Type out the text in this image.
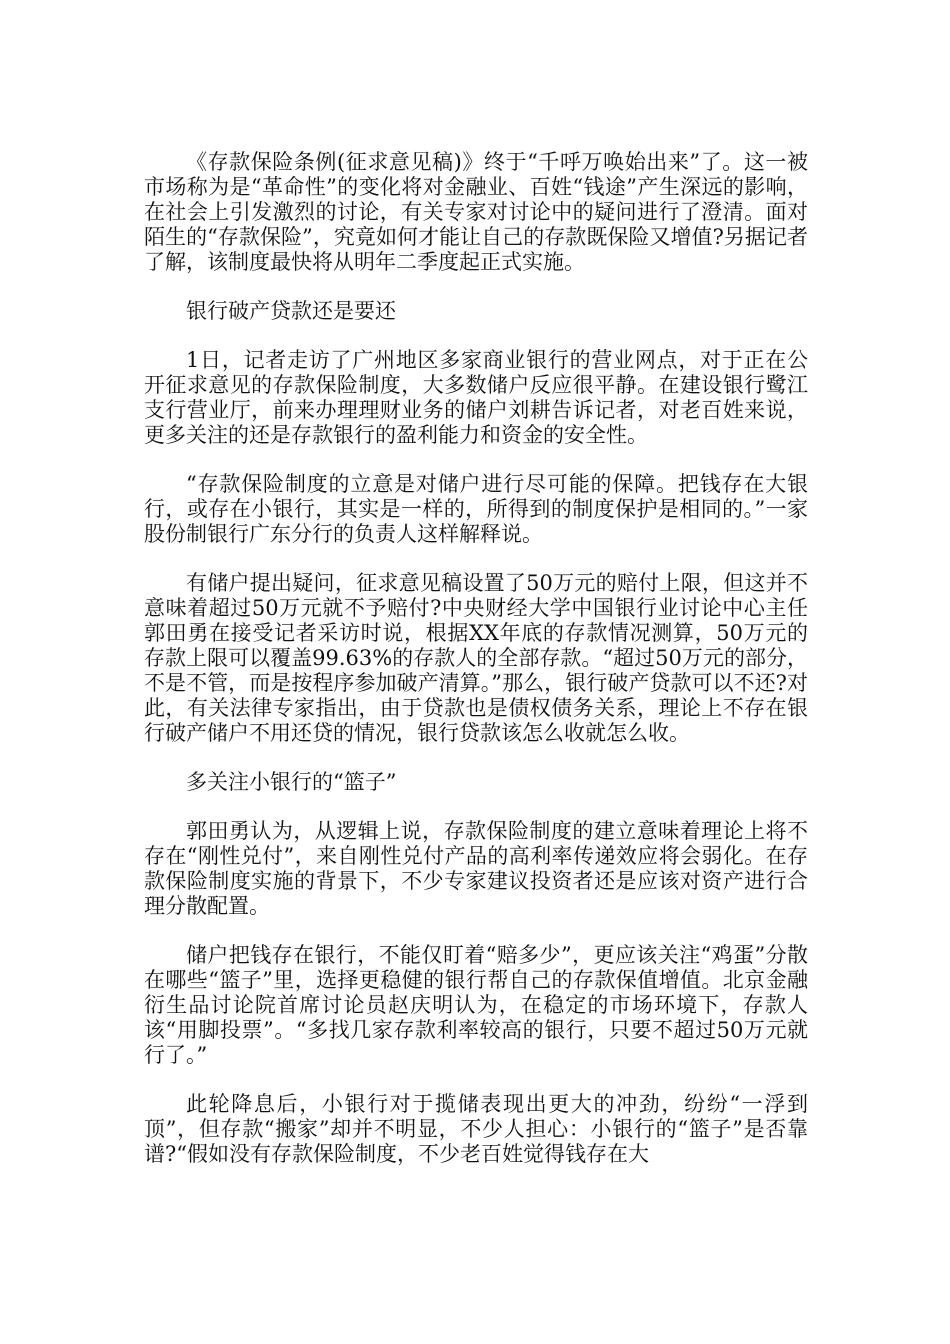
《存款保险条例(征求意见稿)》终于“千呼万唤始出来”了。这一被市场称为是“革命性”的变化将对金融业、百姓“钱途”产生深远的影响，在社会上引发激烈的讨论，有关专家对讨论中的疑问进行了澄清。面对陌生的“存款保险”，究竟如何才能让自己的存款既保险又增值?另据记者了解，该制度最快将从明年二季度起正式实施。

银行破产贷款还是要还

1日，记者走访了广州地区多家商业银行的营业网点，对于正在公开征求意见的存款保险制度，大多数储户反应很平静。在建设银行鹭江支行营业厅，前来办理理财业务的储户刘耕告诉记者，对老百姓来说，更多关注的还是存款银行的盈利能力和资金的安全性。

“存款保险制度的立意是对储户进行尽可能的保障。把钱存在大银行，或存在小银行，其实是一样的，所得到的制度保护是相同的。”一家股份制银行广东分行的负责人这样解释说。

有储户提出疑问，征求意见稿设置了50万元的赔付上限，但这并不意味着超过50万元就不予赔付?中央财经大学中国银行业讨论中心主任郭田勇在接受记者采访时说，根据XX年底的存款情况测算，50万元的存款上限可以覆盖99.63%的存款人的全部存款。“超过50万元的部分，不是不管，而是按程序参加破产清算。”那么，银行破产贷款可以不还?对此，有关法律专家指出，由于贷款也是债权债务关系，理论上不存在银行破产储户不用还贷的情况，银行贷款该怎么收就怎么收。

多关注小银行的“篮子”

郭田勇认为，从逻辑上说，存款保险制度的建立意味着理论上将不存在“刚性兑付”，来自刚性兑付产品的高利率传递效应将会弱化。在存款保险制度实施的背景下，不少专家建议投资者还是应该对资产进行合理分散配置。

储户把钱存在银行，不能仅盯着“赔多少”，更应该关注“鸡蛋”分散在哪些“篮子”里，选择更稳健的银行帮自己的存款保值增值。北京金融衍生品讨论院首席讨论员赵庆明认为，在稳定的市场环境下，存款人该“用脚投票”。“多找几家存款利率较高的银行，只要不超过50万元就行了。”

此轮降息后，小银行对于揽储表现出更大的冲劲，纷纷“一浮到顶”，但存款“搬家”却并不明显，不少人担心：小银行的“篮子”是否靠谱?“假如没有存款保险制度，不少老百姓觉得钱存在大
